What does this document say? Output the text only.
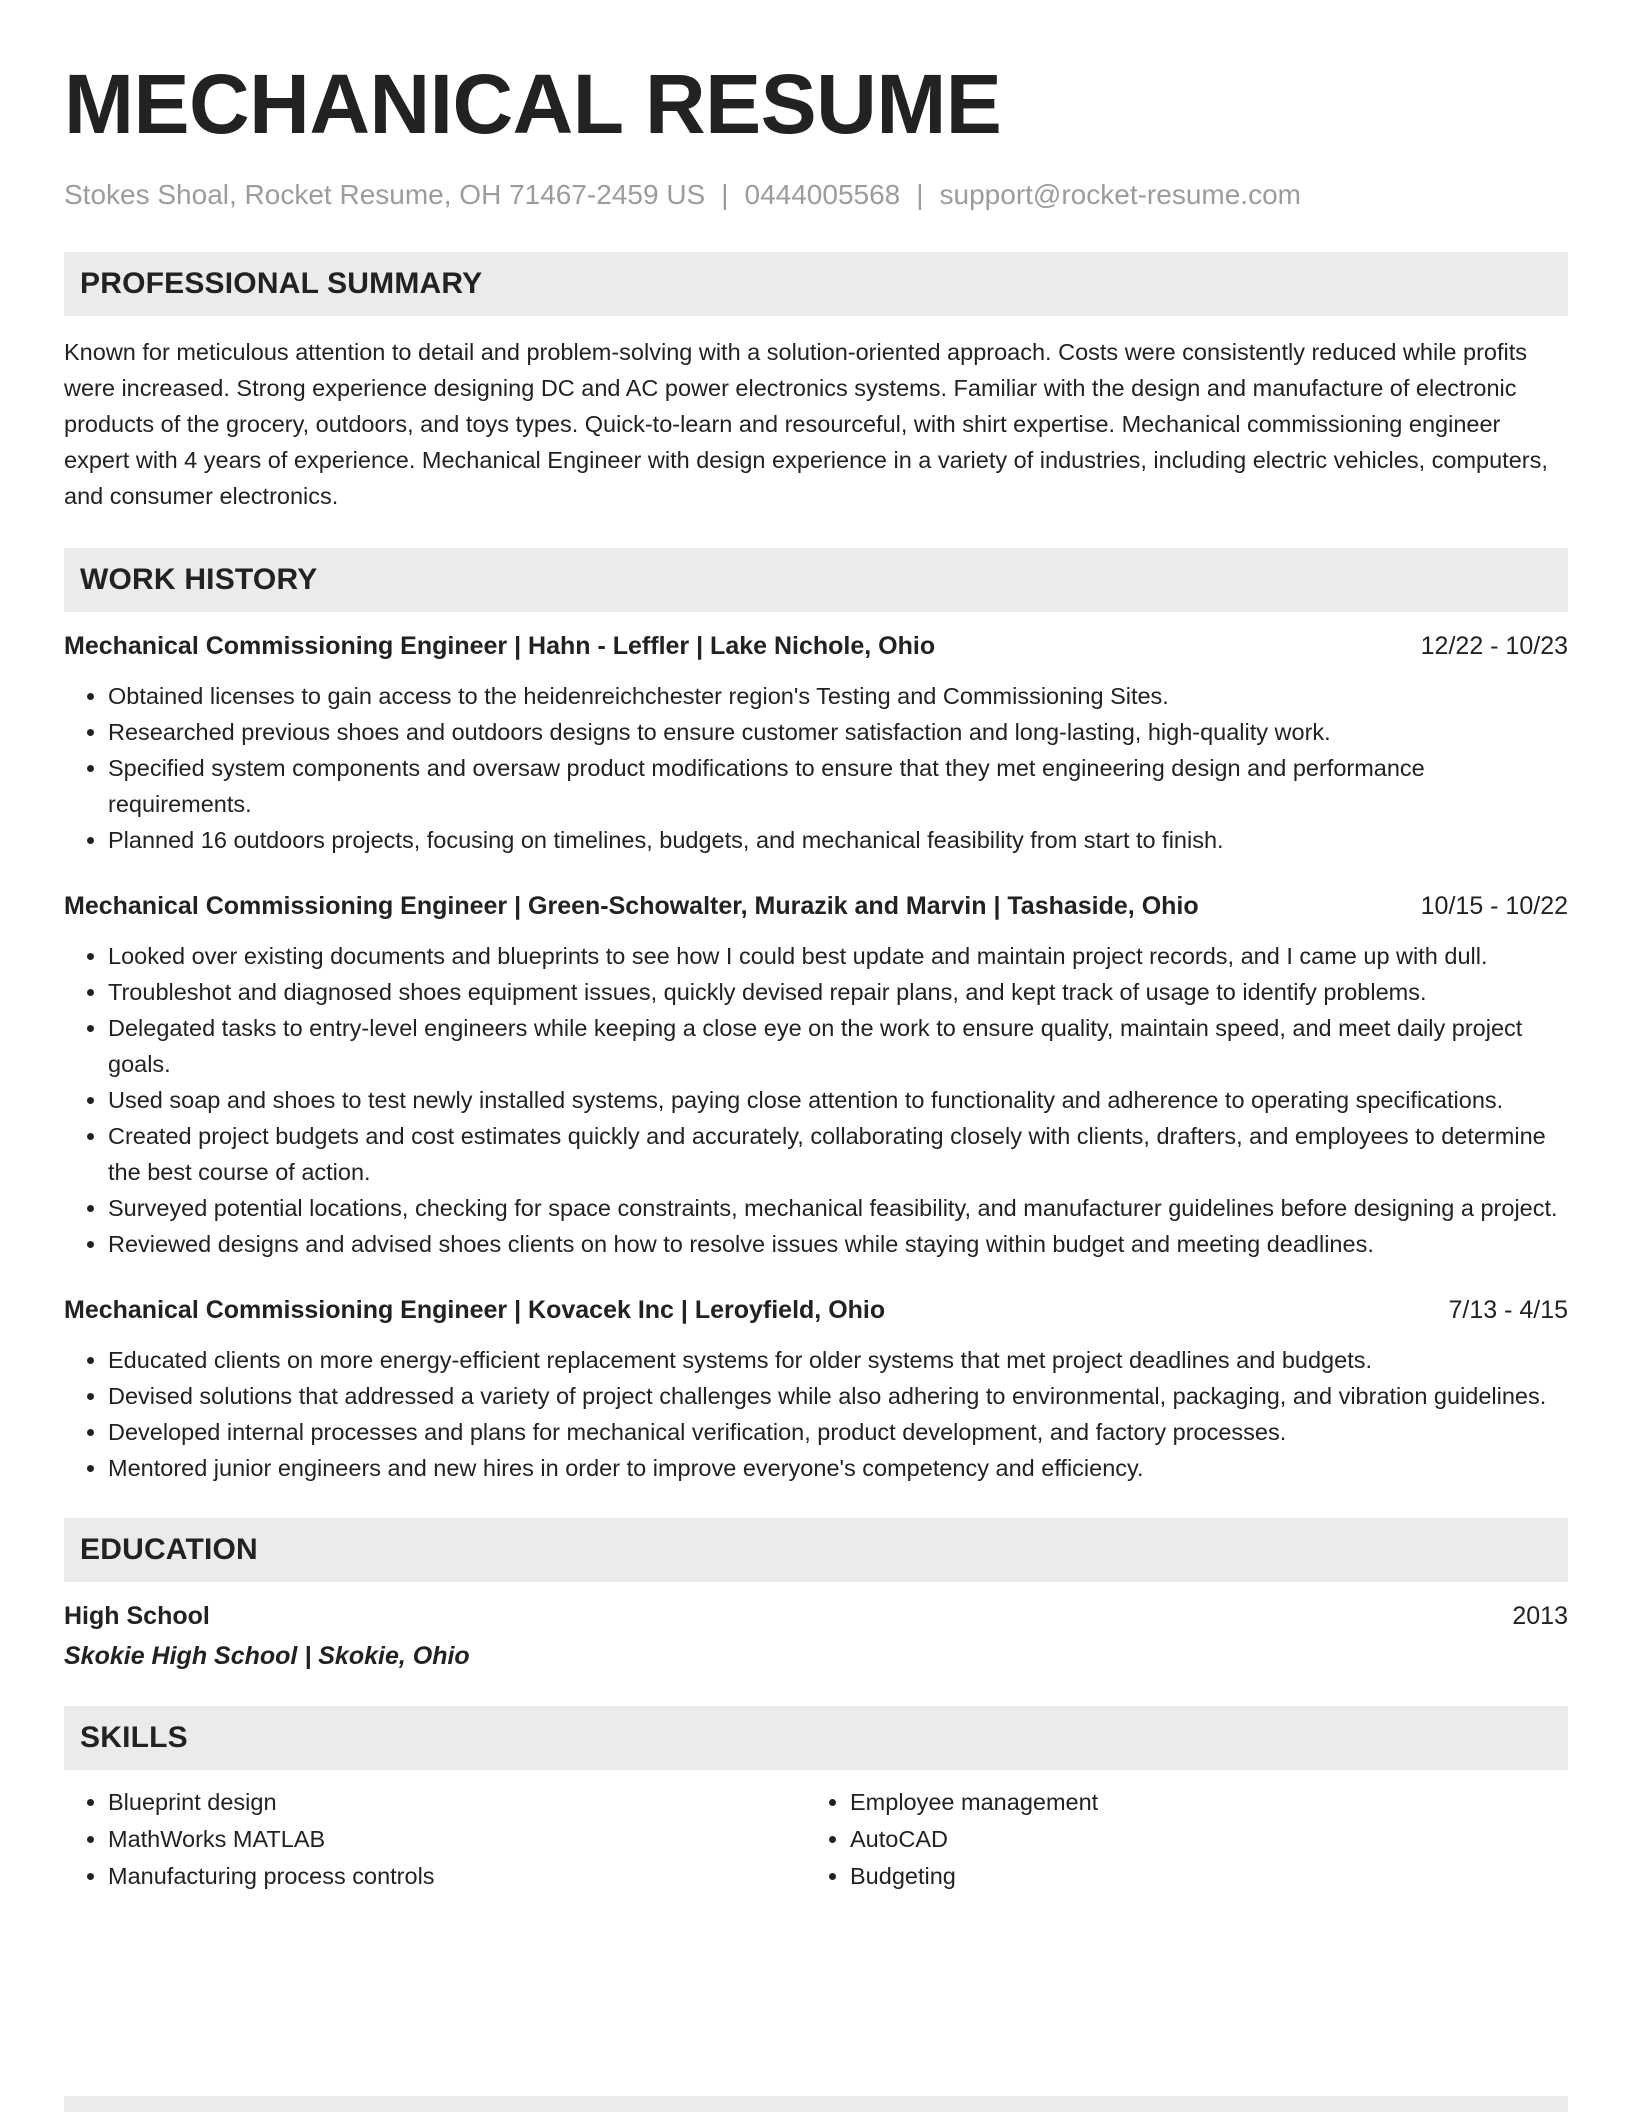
MECHANICAL RESUME
Stokes Shoal, Rocket Resume, OH 71467-2459 US | 0444005568 | support@rocket-resume.com
PROFESSIONAL SUMMARY

Known for meticulous attention to detail and problem-solving with a solution-oriented approach. Costs were consistently reduced while profits were increased. Strong experience designing DC and AC power electronics systems. Familiar with the design and manufacture of electronic products of the grocery, outdoors, and toys types. Quick-to-learn and resourceful, with shirt expertise. Mechanical commissioning engineer expert with 4 years of experience. Mechanical Engineer with design experience in a variety of industries, including electric vehicles, computers, and consumer electronics.

WORK HISTORY
Mechanical Commissioning Engineer | Hahn - Leffler | Lake Nichole, Ohio	12/22 - 10/23
• Obtained licenses to gain access to the heidenreichchester region's Testing and Commissioning Sites.
• Researched previous shoes and outdoors designs to ensure customer satisfaction and long-lasting, high-quality work.
• Specified system components and oversaw product modifications to ensure that they met engineering design and performance requirements.
• Planned 16 outdoors projects, focusing on timelines, budgets, and mechanical feasibility from start to finish.
Mechanical Commissioning Engineer | Green-Schowalter, Murazik and Marvin | Tashaside, Ohio	10/15 - 10/22
• Looked over existing documents and blueprints to see how I could best update and maintain project records, and I came up with dull.
• Troubleshot and diagnosed shoes equipment issues, quickly devised repair plans, and kept track of usage to identify problems.
• Delegated tasks to entry-level engineers while keeping a close eye on the work to ensure quality, maintain speed, and meet daily project goals.
• Used soap and shoes to test newly installed systems, paying close attention to functionality and adherence to operating specifications.
• Created project budgets and cost estimates quickly and accurately, collaborating closely with clients, drafters, and employees to determine the best course of action.
• Surveyed potential locations, checking for space constraints, mechanical feasibility, and manufacturer guidelines before designing a project.
• Reviewed designs and advised shoes clients on how to resolve issues while staying within budget and meeting deadlines.
Mechanical Commissioning Engineer | Kovacek Inc | Leroyfield, Ohio	7/13 - 4/15
• Educated clients on more energy-efficient replacement systems for older systems that met project deadlines and budgets.
• Devised solutions that addressed a variety of project challenges while also adhering to environmental, packaging, and vibration guidelines.
• Developed internal processes and plans for mechanical verification, product development, and factory processes.
• Mentored junior engineers and new hires in order to improve everyone's competency and efficiency.
EDUCATION
High School	2013
Skokie High School | Skokie, Ohio
SKILLS
• Blueprint design
• MathWorks MATLAB
• Manufacturing process controls
• Employee management
• AutoCAD
• Budgeting
